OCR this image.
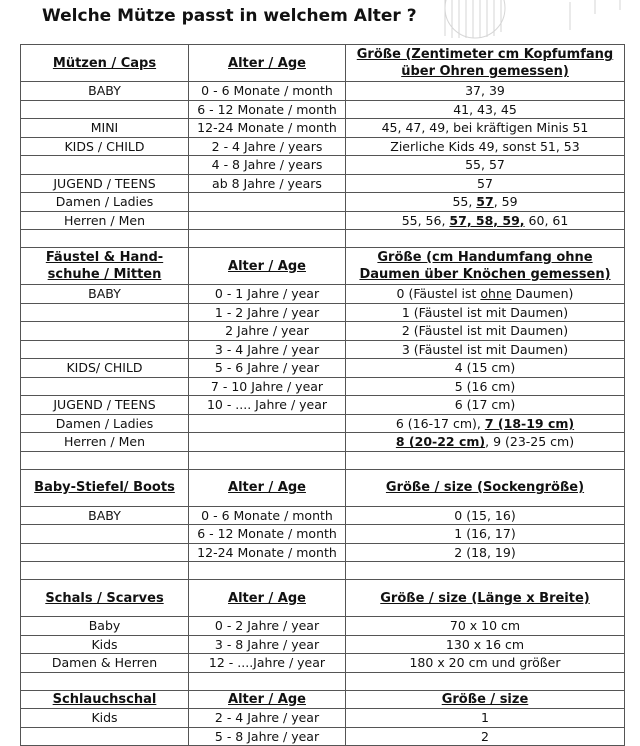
Welche Mütze passt in welchem Alter ?
Mützen / Caps	Alter / Age	Größe (Zentimeter cm Kopfumfang über Ohren gemessen)
BABY	0 - 6 Monate / month	37, 39
	6 - 12 Monate / month	41, 43, 45
MINI	12-24 Monate / month	45, 47, 49, bei kräftigen Minis 51
KIDS / CHILD	2 - 4 Jahre / years	Zierliche Kids 49, sonst 51, 53
	4 - 8 Jahre / years	55, 57
JUGEND / TEENS	ab 8 Jahre / years	57
Damen / Ladies		55, 57, 59
Herren / Men		55, 56, 57, 58, 59, 60, 61

Fäustel & Hand-schuhe / Mitten	Alter / Age	Größe (cm Handumfang ohne Daumen über Knöchen gemessen)
BABY	0 - 1 Jahre / year	0 (Fäustel ist ohne Daumen)
	1 - 2 Jahre / year	1 (Fäustel ist mit Daumen)
	2 Jahre / year	2 (Fäustel ist mit Daumen)
	3 - 4 Jahre / year	3 (Fäustel ist mit Daumen)
KIDS/ CHILD	5 - 6 Jahre / year	4 (15 cm)
	7 - 10 Jahre / year	5 (16 cm)
JUGEND / TEENS	10 - .... Jahre / year	6 (17 cm)
Damen / Ladies		6 (16-17 cm), 7 (18-19 cm)
Herren / Men		8 (20-22 cm), 9 (23-25 cm)

Baby-Stiefel/ Boots	Alter / Age	Größe / size (Sockengröße)
BABY	0 - 6 Monate / month	0 (15, 16)
	6 - 12 Monate / month	1 (16, 17)
	12-24 Monate / month	2 (18, 19)

Schals / Scarves	Alter / Age	Größe / size (Länge x Breite)
Baby	0 - 2 Jahre / year	70 x 10 cm
Kids	3 - 8 Jahre / year	130 x 16 cm
Damen & Herren	12 - ....Jahre / year	180 x 20 cm und größer

Schlauchschal	Alter / Age	Größe / size
Kids	2 - 4 Jahre / year	1
	5 - 8 Jahre / year	2
